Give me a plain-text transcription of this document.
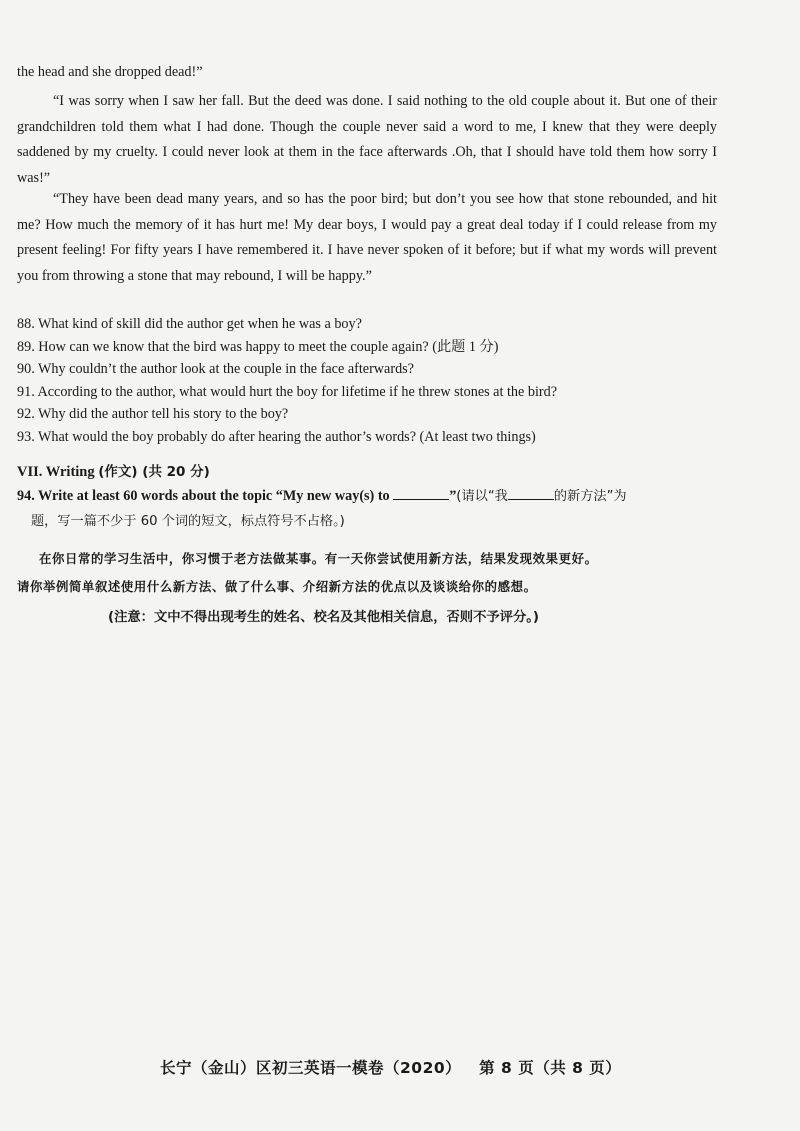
the head and she dropped dead!”

“I was sorry when I saw her fall. But the deed was done. I said nothing to the old couple about it. But one of their grandchildren told them what I had done. Though the couple never said a word to me, I knew that they were deeply saddened by my cruelty. I could never look at them in the face afterwards .Oh, that I should have told them how sorry I was!”

“They have been dead many years, and so has the poor bird; but don’t you see how that stone rebounded, and hit me? How much the memory of it has hurt me! My dear boys, I would pay a great deal today if I could release from my present feeling! For fifty years I have remembered it. I have never spoken of it before; but if what my words will prevent you from throwing a stone that may rebound, I will be happy.”

88. What kind of skill did the author get when he was a boy?

89. How can we know that the bird was happy to meet the couple again? (此题 1 分)

90. Why couldn’t the author look at the couple in the face afterwards?

91. According to the author, what would hurt the boy for lifetime if he threw stones at the bird?

92. Why did the author tell his story to the boy?

93. What would the boy probably do after hearing the author’s words? (At least two things)

VII. Writing (作文) (共 20 分)

94. Write at least 60 words about the topic “My new way(s) to	”(请以“我	的新方法”为
题，写一篇不少于 60 个词的短文，标点符号不占格。)

在你日常的学习生活中，你习惯于老方法做某事。有一天你尝试使用新方法，结果发现效果更好。
请你举例简单叙述使用什么新方法、做了什么事、介绍新方法的优点以及谈谈给你的感想。

(注意：文中不得出现考生的姓名、校名及其他相关信息，否则不予评分。)

长宁（金山）区初三英语一模卷（2020） 第 8 页（共 8 页）
